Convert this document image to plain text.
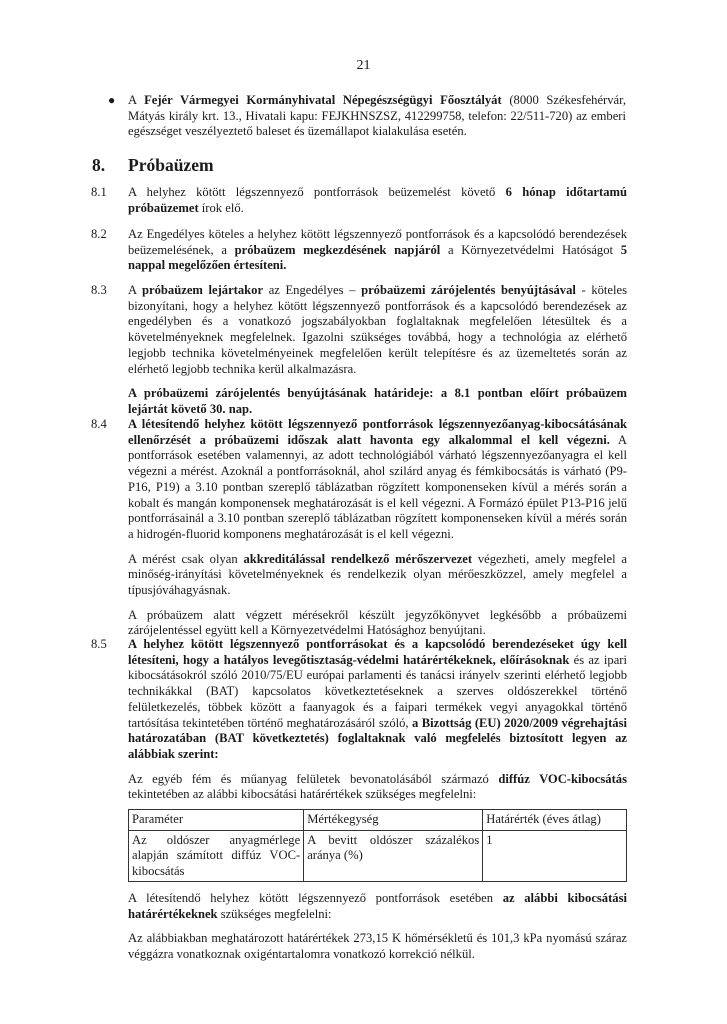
21
● A Fejér Vármegyei Kormányhivatal Népegészségügyi Főosztályát (8000 Székesfehérvár, Mátyás király krt. 13., Hivatali kapu: FEJKHNSZSZ, 412299758, telefon: 22/511-720) az emberi egészséget veszélyeztető baleset és üzemállapot kialakulása esetén.
8. Próbaüzem
8.1	A helyhez kötött légszennyező pontforrások beüzemelést követő 6 hónap időtartamú próbaüzemet írok elő.

8.2	Az Engedélyes köteles a helyhez kötött légszennyező pontforrások és a kapcsolódó berendezések beüzemelésének, a próbaüzem megkezdésének napjáról a Környezetvédelmi Hatóságot 5 nappal megelőzően értesíteni.

8.3	A próbaüzem lejártakor az Engedélyes – próbaüzemi zárójelentés benyújtásával - köteles bizonyítani, hogy a helyhez kötött légszennyező pontforrások és a kapcsolódó berendezések az engedélyben és a vonatkozó jogszabályokban foglaltaknak megfelelően létesültek és a követelményeknek megfelelnek. Igazolni szükséges továbbá, hogy a technológia az elérhető legjobb technika követelményeinek megfelelően került telepítésre és az üzemeltetés során az elérhető legjobb technika kerül alkalmazásra.

A próbaüzemi zárójelentés benyújtásának határideje: a 8.1 pontban előírt próbaüzem lejártát követő 30. nap.

8.4	A létesítendő helyhez kötött légszennyező pontforrások légszennyezőanyag-kibocsátásának ellenőrzését a próbaüzemi időszak alatt havonta egy alkalommal el kell végezni. A pontforrások esetében valamennyi, az adott technológiából várható légszennyezőanyagra el kell végezni a mérést. Azoknál a pontforrásoknál, ahol szilárd anyag és fémkibocsátás is várható (P9-P16, P19) a 3.10 pontban szereplő táblázatban rögzített komponenseken kívül a mérés során a kobalt és mangán komponensek meghatározását is el kell végezni. A Formázó épület P13-P16 jelű pontforrásainál a 3.10 pontban szereplő táblázatban rögzített komponenseken kívül a mérés során a hidrogén-fluorid komponens meghatározását is el kell végezni.

A mérést csak olyan akkreditálással rendelkező mérőszervezet végezheti, amely megfelel a minőség-irányítási követelményeknek és rendelkezik olyan mérőeszközzel, amely megfelel a típusjóváhagyásnak.

A próbaüzem alatt végzett mérésekről készült jegyzőkönyvet legkésőbb a próbaüzemi zárójelentéssel együtt kell a Környezetvédelmi Hatósághoz benyújtani.

8.5	A helyhez kötött légszennyező pontforrásokat és a kapcsolódó berendezéseket úgy kell létesíteni, hogy a hatályos levegőtisztaság-védelmi határértékeknek, előírásoknak és az ipari kibocsátásokról szóló 2010/75/EU európai parlamenti és tanácsi irányelv szerinti elérhető legjobb technikákkal (BAT) kapcsolatos következtetéseknek a szerves oldószerekkel történő felületkezelés, többek között a faanyagok és a faipari termékek vegyi anyagokkal történő tartósítása tekintetében történő meghatározásáról szóló, a Bizottság (EU) 2020/2009 végrehajtási határozatában (BAT következtetés) foglaltaknak való megfelelés biztosított legyen az alábbiak szerint:

Az egyéb fém és műanyag felületek bevonatolásából származó diffúz VOC-kibocsátás tekintetében az alábbi kibocsátási határértékek szükséges megfelelni:

Paraméter	Mértékegység	Határérték (éves átlag)
Az oldószer anyagmérlege alapján számított diffúz VOC-kibocsátás	A bevitt oldószer százalékos aránya (%)	1

A létesítendő helyhez kötött légszennyező pontforrások esetében az alábbi kibocsátási határértékeknek szükséges megfelelni:

Az alábbiakban meghatározott határértékek 273,15 K hőmérsékletű és 101,3 kPa nyomású száraz véggázra vonatkoznak oxigéntartalomra vonatkozó korrekció nélkül.
